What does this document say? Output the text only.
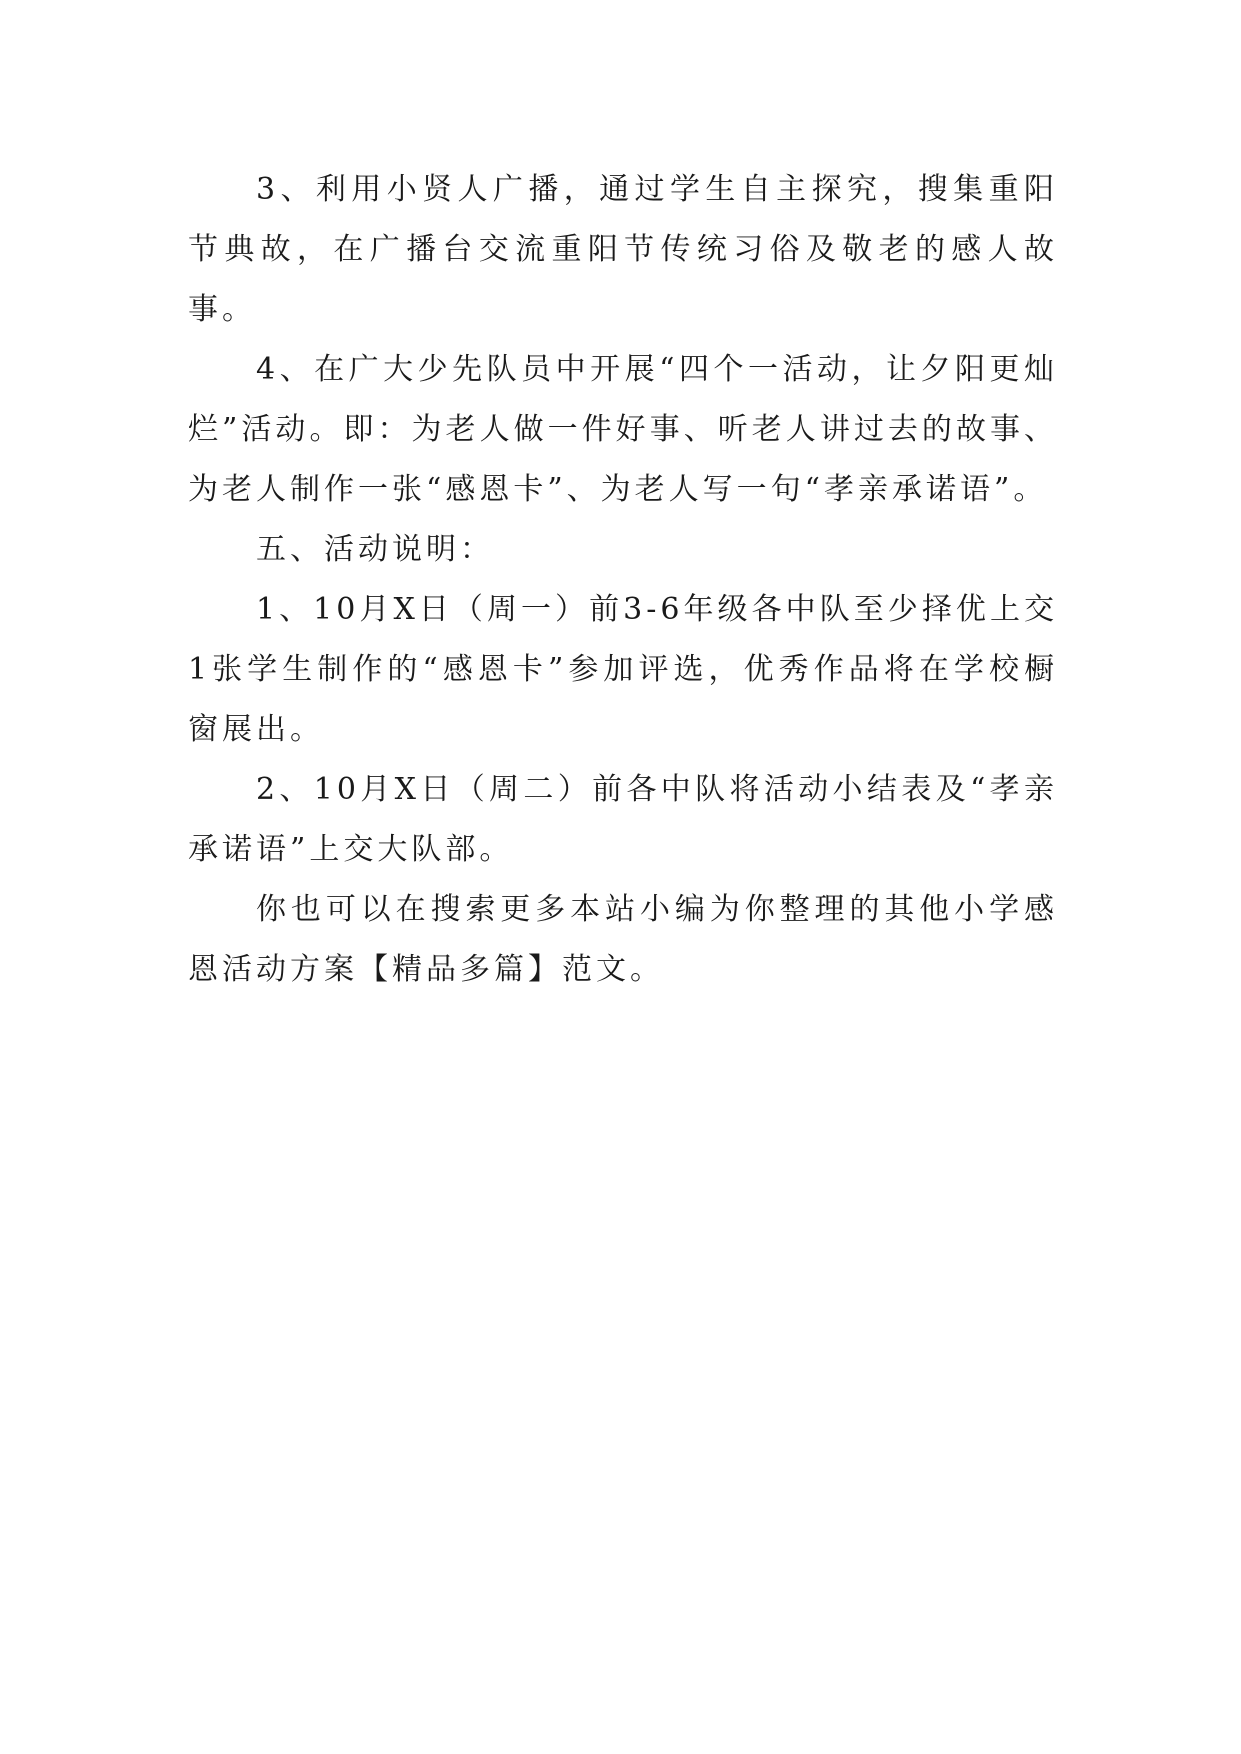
3、利用小贤人广播，通过学生自主探究，搜集重阳节典故，在广播台交流重阳节传统习俗及敬老的感人故事。

4、在广大少先队员中开展“四个一活动，让夕阳更灿烂”活动。即：为老人做一件好事、听老人讲过去的故事、为老人制作一张“感恩卡”、为老人写一句“孝亲承诺语”。

五、活动说明：

1、10月X日（周一）前3-6年级各中队至少择优上交1张学生制作的“感恩卡”参加评选，优秀作品将在学校橱窗展出。

2、10月X日（周二）前各中队将活动小结表及“孝亲承诺语”上交大队部。

你也可以在搜索更多本站小编为你整理的其他小学感恩活动方案【精品多篇】范文。
